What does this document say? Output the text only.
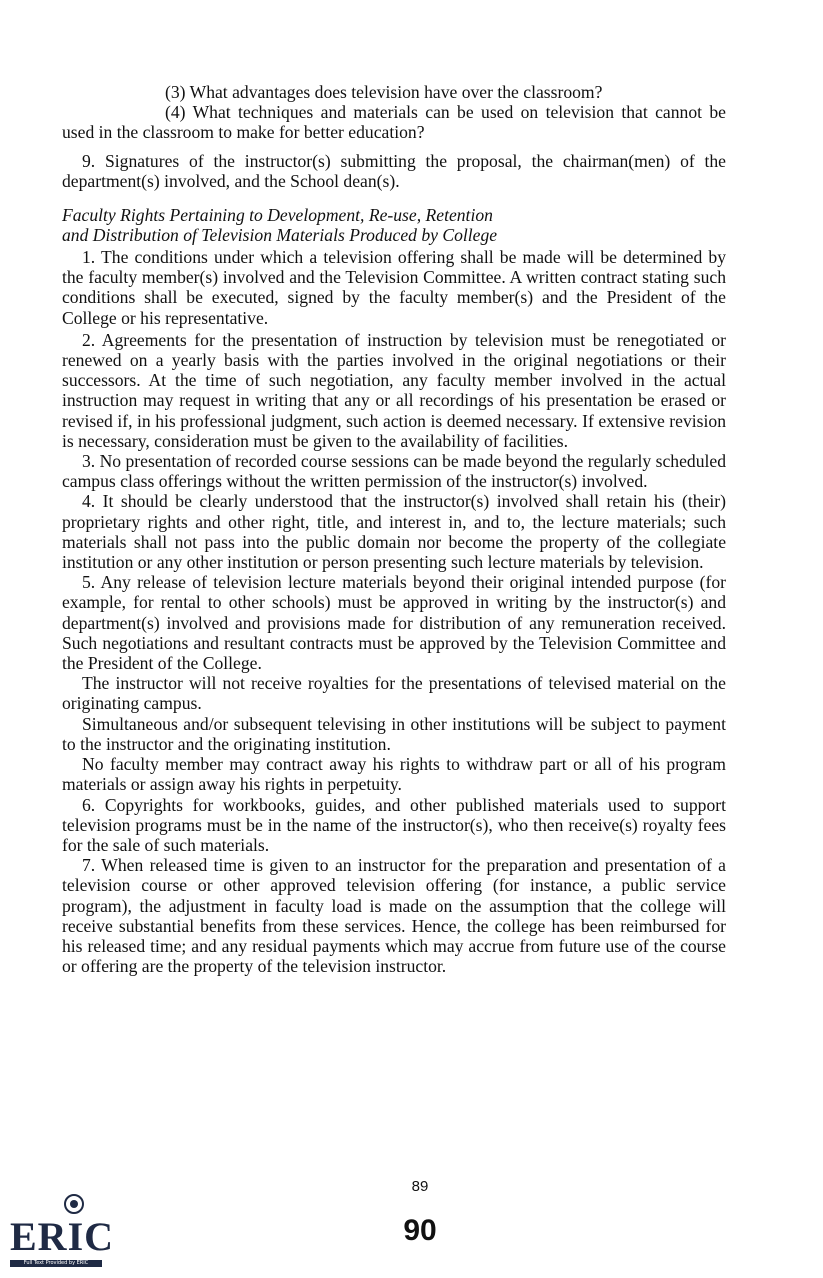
(3) What advantages does television have over the classroom?

(4) What techniques and materials can be used on television that cannot be used in the classroom to make for better education?

9. Signatures of the instructor(s) submitting the proposal, the chairman(men) of the department(s) involved, and the School dean(s).

Faculty Rights Pertaining to Development, Re-use, Retention
and Distribution of Television Materials Produced by College

1. The conditions under which a television offering shall be made will be determined by the faculty member(s) involved and the Television Committee. A written contract stating such conditions shall be executed, signed by the faculty member(s) and the President of the College or his representative.

2. Agreements for the presentation of instruction by television must be renegotiated or renewed on a yearly basis with the parties involved in the original negotiations or their successors. At the time of such negotiation, any faculty member involved in the actual instruction may request in writing that any or all recordings of his presentation be erased or revised if, in his professional judgment, such action is deemed necessary. If extensive revision is necessary, consideration must be given to the availability of facilities.

3. No presentation of recorded course sessions can be made beyond the regularly scheduled campus class offerings without the written permission of the instructor(s) involved.

4. It should be clearly understood that the instructor(s) involved shall retain his (their) proprietary rights and other right, title, and interest in, and to, the lecture materials; such materials shall not pass into the public domain nor become the property of the collegiate institution or any other institution or person presenting such lecture materials by television.

5. Any release of television lecture materials beyond their original intended purpose (for example, for rental to other schools) must be approved in writing by the instructor(s) and department(s) involved and provisions made for distribution of any remuneration received. Such negotiations and resultant contracts must be approved by the Television Committee and the President of the College.

The instructor will not receive royalties for the presentations of televised material on the originating campus.

Simultaneous and/or subsequent televising in other institutions will be subject to payment to the instructor and the originating institution.

No faculty member may contract away his rights to withdraw part or all of his program materials or assign away his rights in perpetuity.

6. Copyrights for workbooks, guides, and other published materials used to support television programs must be in the name of the instructor(s), who then receive(s) royalty fees for the sale of such materials.

7. When released time is given to an instructor for the preparation and presentation of a television course or other approved television offering (for instance, a public service program), the adjustment in faculty load is made on the assumption that the college will receive substantial benefits from these services. Hence, the college has been reimbursed for his released time; and any residual payments which may accrue from future use of the course or offering are the property of the television instructor.

89
90
ERIC
Full Text Provided by ERIC
